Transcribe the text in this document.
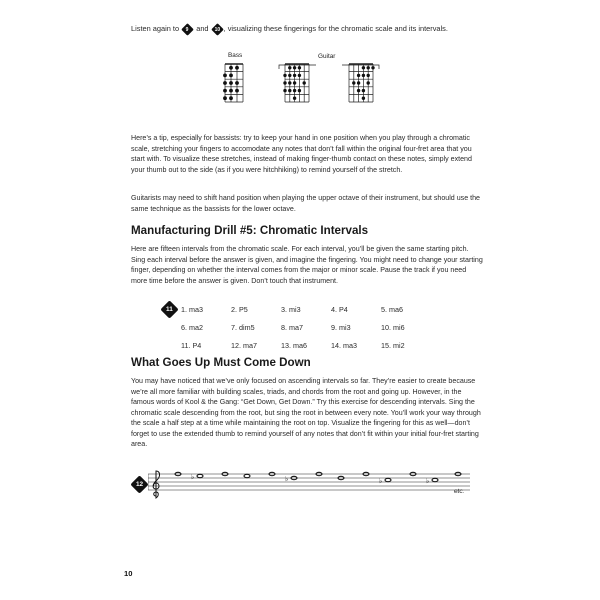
Listen again to 9 and 10 , visualizing these fingerings for the chromatic scale and its intervals.
Bass	Guitar

Here’s a tip, especially for bassists: try to keep your hand in one position when you play through a chromatic scale, stretching your fingers to accomodate any notes that don’t fall within the original four-fret area that you start with. To visualize these stretches, instead of making finger-thumb contact on these notes, simply extend your thumb out to the side (as if you were hitchhiking) to remind yourself of the stretch.

Guitarists may need to shift hand position when playing the upper octave of their instrument, but should use the same technique as the bassists for the lower octave.

Manufacturing Drill #5: Chromatic Intervals

Here are fifteen intervals from the chromatic scale. For each interval, you’ll be given the same starting pitch. Sing each interval before the answer is given, and imagine the fingering. You might need to change your starting finger, depending on whether the interval comes from the major or minor scale. Pause the track if you need more time before the answer is given. Don’t touch that instrument.

11 1. ma3	2. P5	3. mi3	4. P4	5. ma6
6. ma2	7. dim5	8. ma7	9. mi3	10. mi6
11. P4	12. ma7	13. ma6	14. ma3	15. mi2
What Goes Up Must Come Down

You may have noticed that we’ve only focused on ascending intervals so far. They’re easier to create because we’re all more familiar with building scales, triads, and chords from the root and going up. However, in the famous words of Kool & the Gang: “Get Down, Get Down.” Try this exercise for descending intervals. Sing the chromatic scale descending from the root, but sing the root in between every note. You’ll work your way through the scale a half step at a time while maintaining the root on top. Visualize the fingering for this as well—don’t forget to use the extended thumb to remind yourself of any notes that don’t fit within your initial four-fret starting area.

12
♭	♭	♭	♭
etc.
10
